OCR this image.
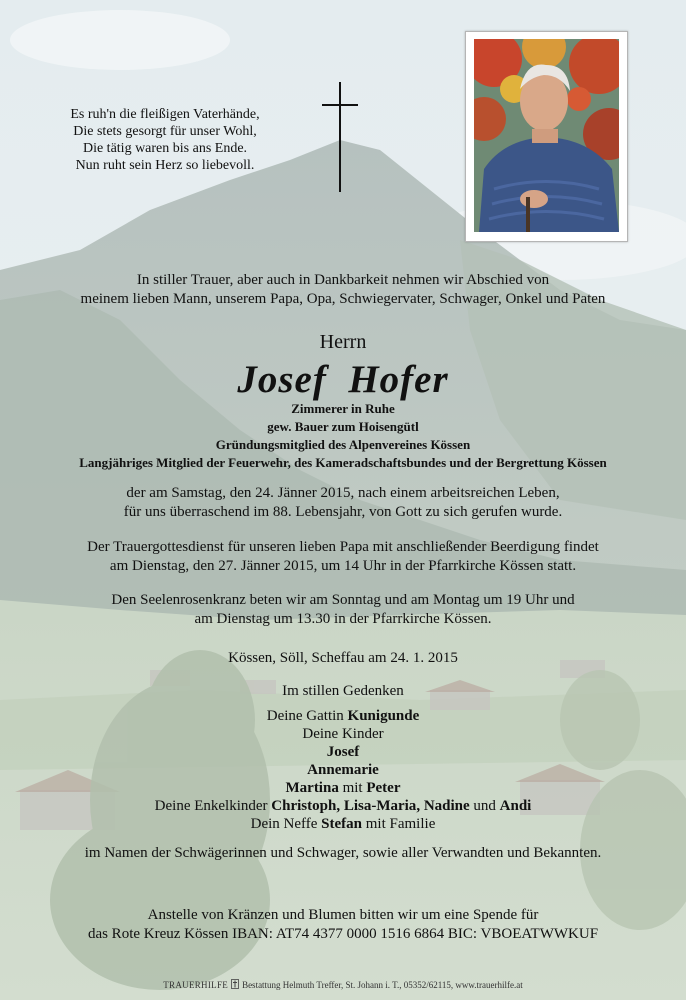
Es ruh'n die fleißigen Vaterhände,
Die stets gesorgt für unser Wohl,
Die tätig waren bis ans Ende.
Nun ruht sein Herz so liebevoll.
In stiller Trauer, aber auch in Dankbarkeit nehmen wir Abschied von
meinem lieben Mann, unserem Papa, Opa, Schwiegervater, Schwager, Onkel und Paten
Herrn
Josef  Hofer
Zimmerer in Ruhe
gew. Bauer zum Hoisengütl
Gründungsmitglied des Alpenvereines Kössen
Langjähriges Mitglied der Feuerwehr, des Kameradschaftsbundes und der Bergrettung Kössen
der am Samstag, den 24. Jänner 2015, nach einem arbeitsreichen Leben,
für uns überraschend im 88. Lebensjahr, von Gott zu sich gerufen wurde.
Der Trauergottesdienst für unseren lieben Papa mit anschließender Beerdigung findet
am Dienstag, den 27. Jänner 2015, um 14 Uhr in der Pfarrkirche Kössen statt.
Den Seelenrosenkranz beten wir am Sonntag und am Montag um 19 Uhr und
am Dienstag um 13.30 in der Pfarrkirche Kössen.
Kössen, Söll, Scheffau am 24. 1. 2015
Im stillen Gedenken
Deine Gattin Kunigunde
Deine Kinder
Josef
Annemarie
Martina mit Peter
Deine Enkelkinder Christoph, Lisa-Maria, Nadine und Andi
Dein Neffe Stefan mit Familie
im Namen der Schwägerinnen und Schwager, sowie aller Verwandten und Bekannten.
Anstelle von Kränzen und Blumen bitten wir um eine Spende für
das Rote Kreuz Kössen IBAN: AT74 4377 0000 1516 6864 BIC: VBOEATWWKUF
TRAUERHILFE Bestattung Helmuth Treffer, St. Johann i. T., 05352/62115, www.trauerhilfe.at
